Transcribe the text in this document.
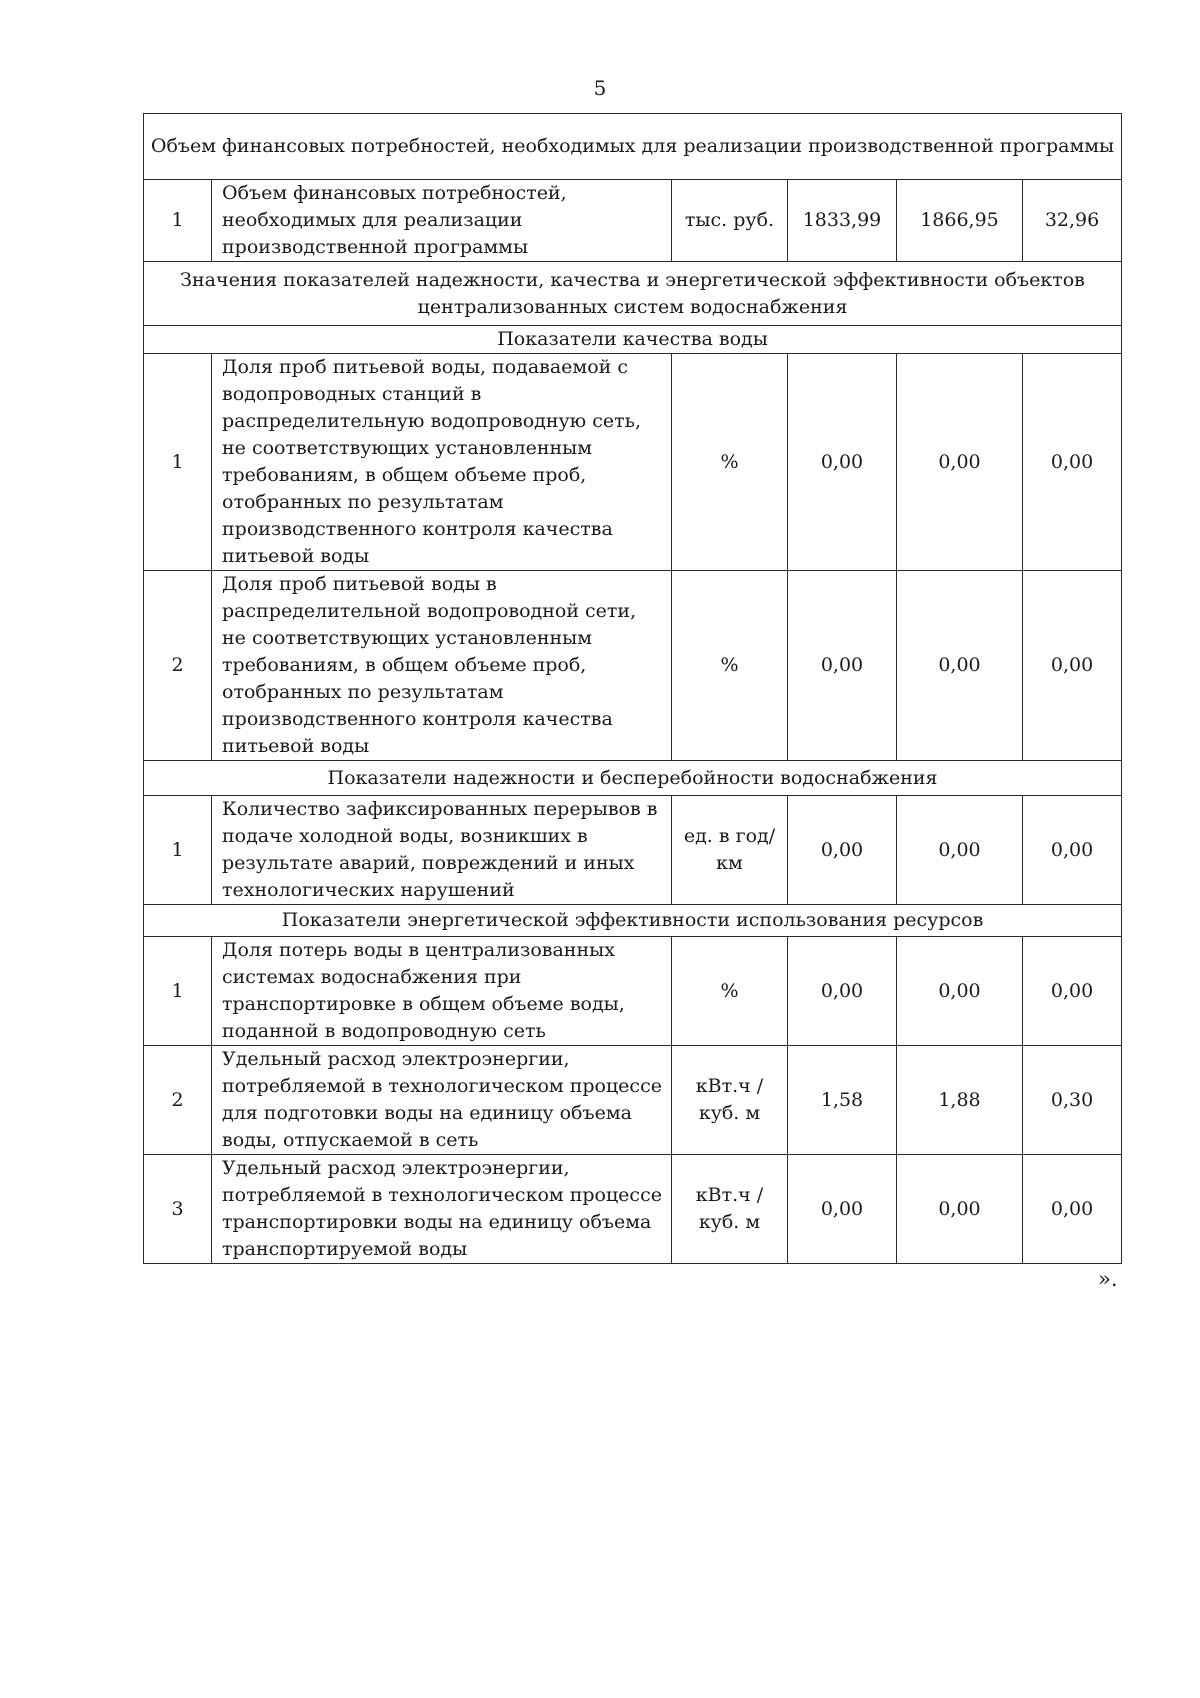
5
Объем финансовых потребностей, необходимых для реализации производственной программы					
1	Объем финансовых потребностей, необходимых для реализации производственной программы	тыс. руб.	1833,99	1866,95	32,96
Значения показателей надежности, качества и энергетической эффективности объектов централизованных систем водоснабжения					
Показатели качества воды					
1	Доля проб питьевой воды, подаваемой с водопроводных станций в распределительную водопроводную сеть, не соответствующих установленным требованиям, в общем объеме проб, отобранных по результатам производственного контроля качества питьевой воды	%	0,00	0,00	0,00
2	Доля проб питьевой воды в распределительной водопроводной сети, не соответствующих установленным требованиям, в общем объеме проб, отобранных по результатам производственного контроля качества питьевой воды	%	0,00	0,00	0,00
Показатели надежности и бесперебойности водоснабжения					
1	Количество зафиксированных перерывов в подаче холодной воды, возникших в результате аварий, повреждений и иных технологических нарушений	ед. в год/ км	0,00	0,00	0,00
Показатели энергетической эффективности использования ресурсов					
1	Доля потерь воды в централизованных системах водоснабжения при транспортировке в общем объеме воды, поданной в водопроводную сеть	%	0,00	0,00	0,00
2	Удельный расход электроэнергии, потребляемой в технологическом процессе для подготовки воды на единицу объема воды, отпускаемой в сеть	кВт.ч / куб. м	1,58	1,88	0,30
3	Удельный расход электроэнергии, потребляемой в технологическом процессе транспортировки воды на единицу объема транспортируемой воды	кВт.ч / куб. м	0,00	0,00	0,00
».
